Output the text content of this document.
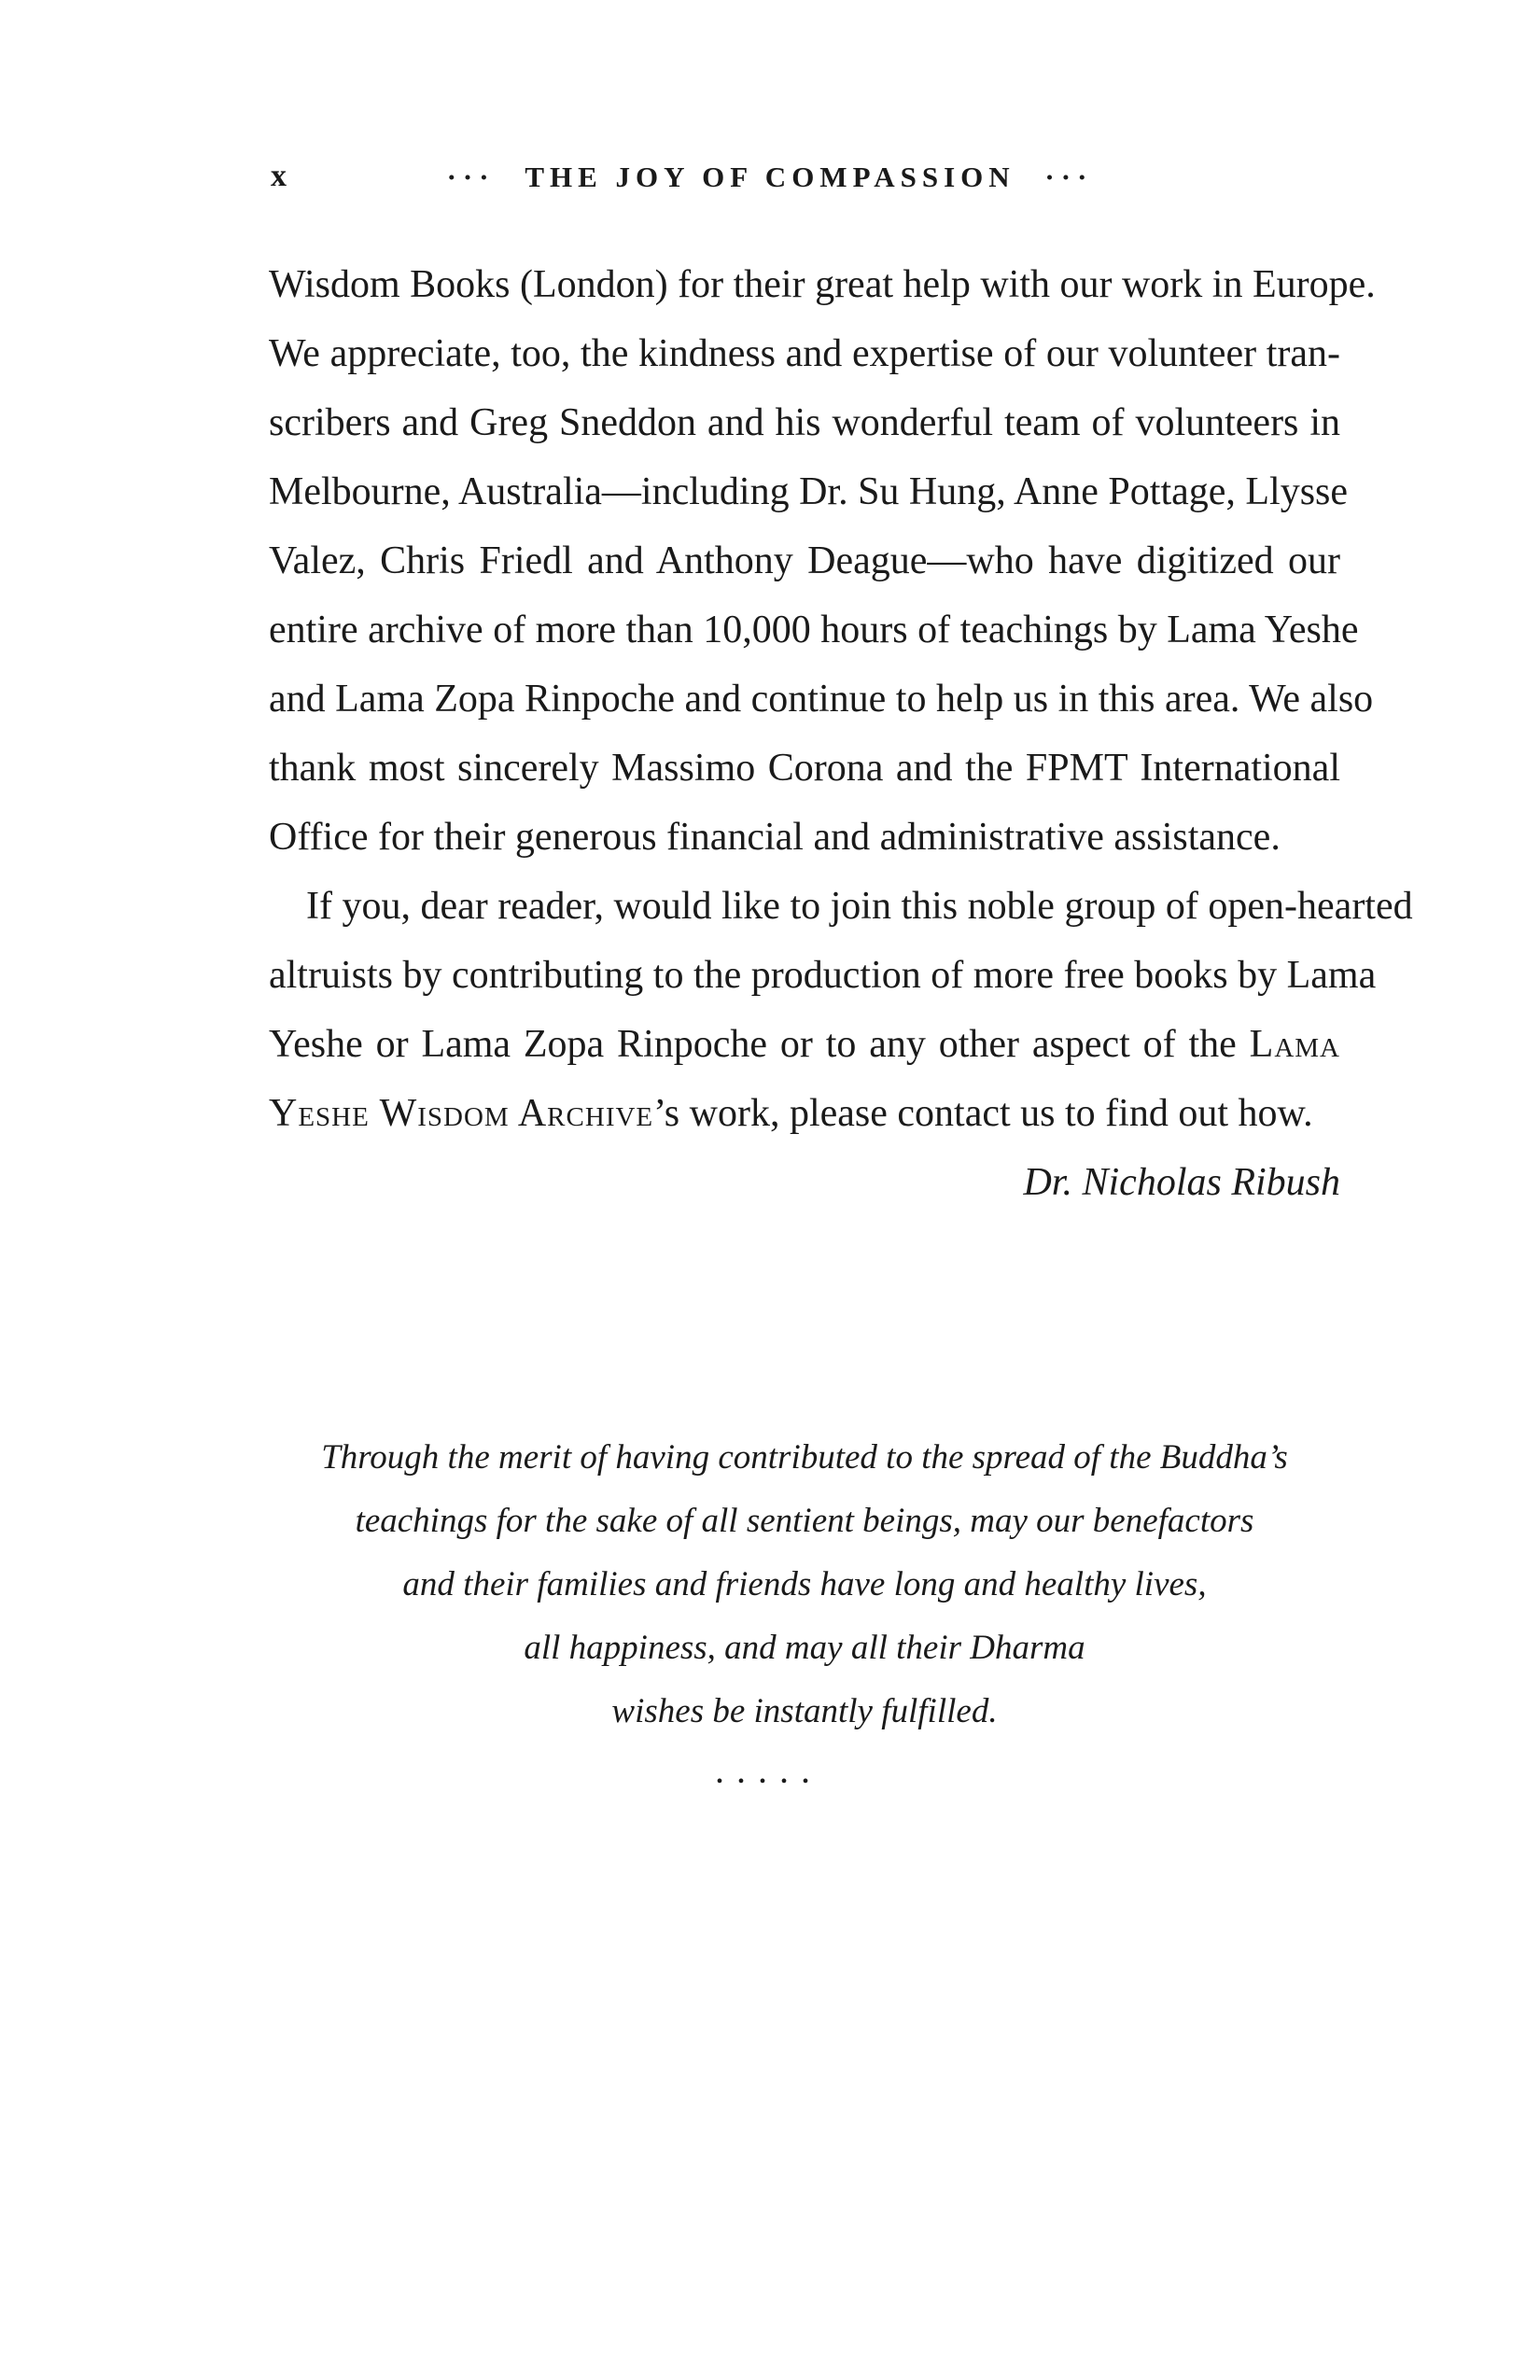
x	··· THE JOY OF COMPASSION ···
Wisdom Books (London) for their great help with our work in Europe.
We appreciate, too, the kindness and expertise of our volunteer tran-
scribers and Greg Sneddon and his wonderful team of volunteers in
Melbourne, Australia—including Dr. Su Hung, Anne Pottage, Llysse
Valez, Chris Friedl and Anthony Deague—who have digitized our
entire archive of more than 10,000 hours of teachings by Lama Yeshe
and Lama Zopa Rinpoche and continue to help us in this area. We also
thank most sincerely Massimo Corona and the FPMT International
Office for their generous financial and administrative assistance.
If you, dear reader, would like to join this noble group of open-hearted
altruists by contributing to the production of more free books by Lama
Yeshe or Lama Zopa Rinpoche or to any other aspect of the Lama
Yeshe Wisdom Archive’s work, please contact us to find out how.
Dr. Nicholas Ribush
Through the merit of having contributed to the spread of the Buddha’s
teachings for the sake of all sentient beings, may our benefactors
and their families and friends have long and healthy lives,
all happiness, and may all their Dharma
wishes be instantly fulfilled.
•••••
